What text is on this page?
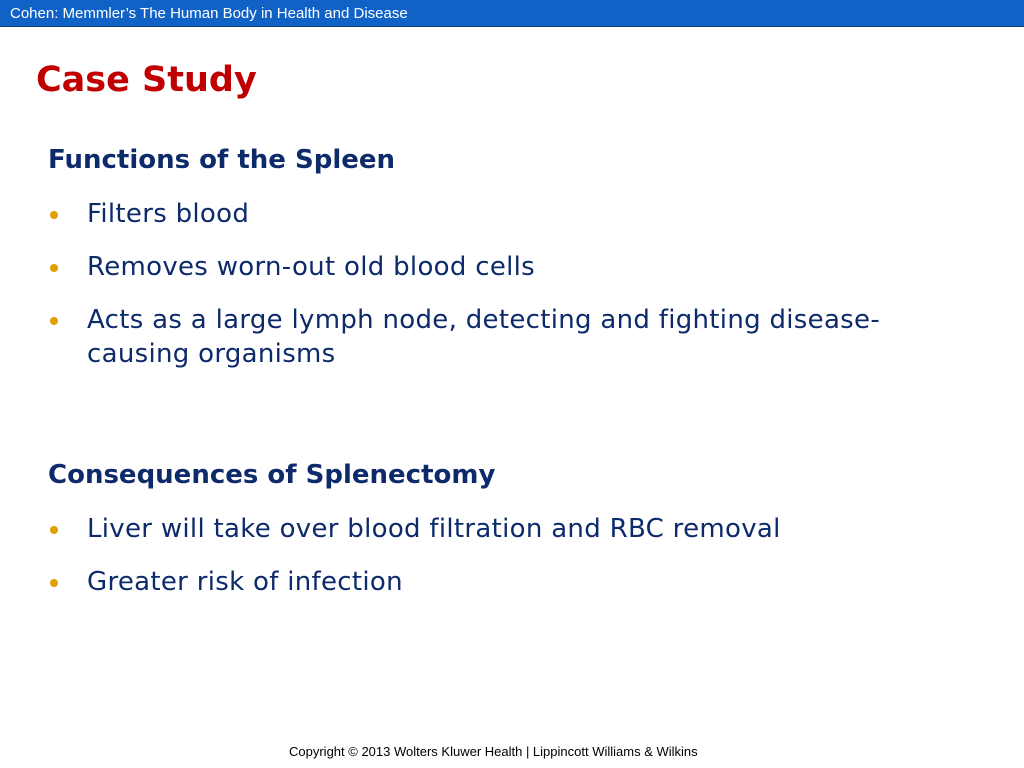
Cohen: Memmler’s The Human Body in Health and Disease
Case Study
Functions of the Spleen
Filters blood
Removes worn-out old blood cells
Acts as a large lymph node, detecting and fighting disease-causing organisms
Consequences of Splenectomy
Liver will take over blood filtration and RBC removal
Greater risk of infection
Copyright © 2013 Wolters Kluwer Health | Lippincott Williams & Wilkins
